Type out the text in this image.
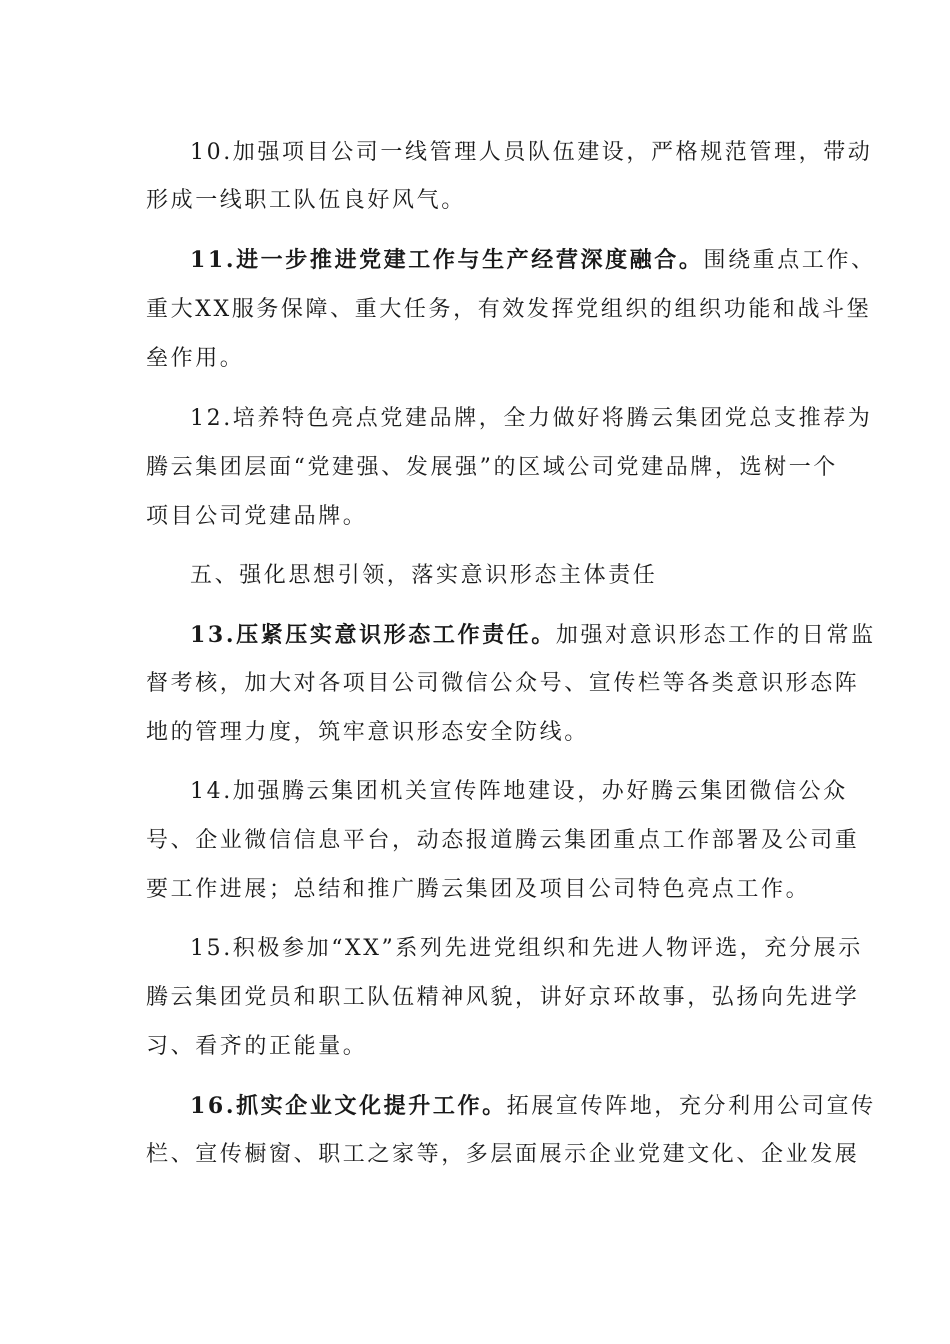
10.加强项目公司一线管理人员队伍建设，严格规范管理，带动
形成一线职工队伍良好风气。
11.进一步推进党建工作与生产经营深度融合。围绕重点工作、
重大XX服务保障、重大任务，有效发挥党组织的组织功能和战斗堡
垒作用。
12.培养特色亮点党建品牌，全力做好将腾云集团党总支推荐为
腾云集团层面“党建强、发展强”的区域公司党建品牌，选树一个
项目公司党建品牌。
五、强化思想引领，落实意识形态主体责任
13.压紧压实意识形态工作责任。加强对意识形态工作的日常监
督考核，加大对各项目公司微信公众号、宣传栏等各类意识形态阵
地的管理力度，筑牢意识形态安全防线。
14.加强腾云集团机关宣传阵地建设，办好腾云集团微信公众
号、企业微信信息平台，动态报道腾云集团重点工作部署及公司重
要工作进展；总结和推广腾云集团及项目公司特色亮点工作。
15.积极参加“XX”系列先进党组织和先进人物评选，充分展示
腾云集团党员和职工队伍精神风貌，讲好京环故事，弘扬向先进学
习、看齐的正能量。
16.抓实企业文化提升工作。拓展宣传阵地，充分利用公司宣传
栏、宣传橱窗、职工之家等，多层面展示企业党建文化、企业发展
